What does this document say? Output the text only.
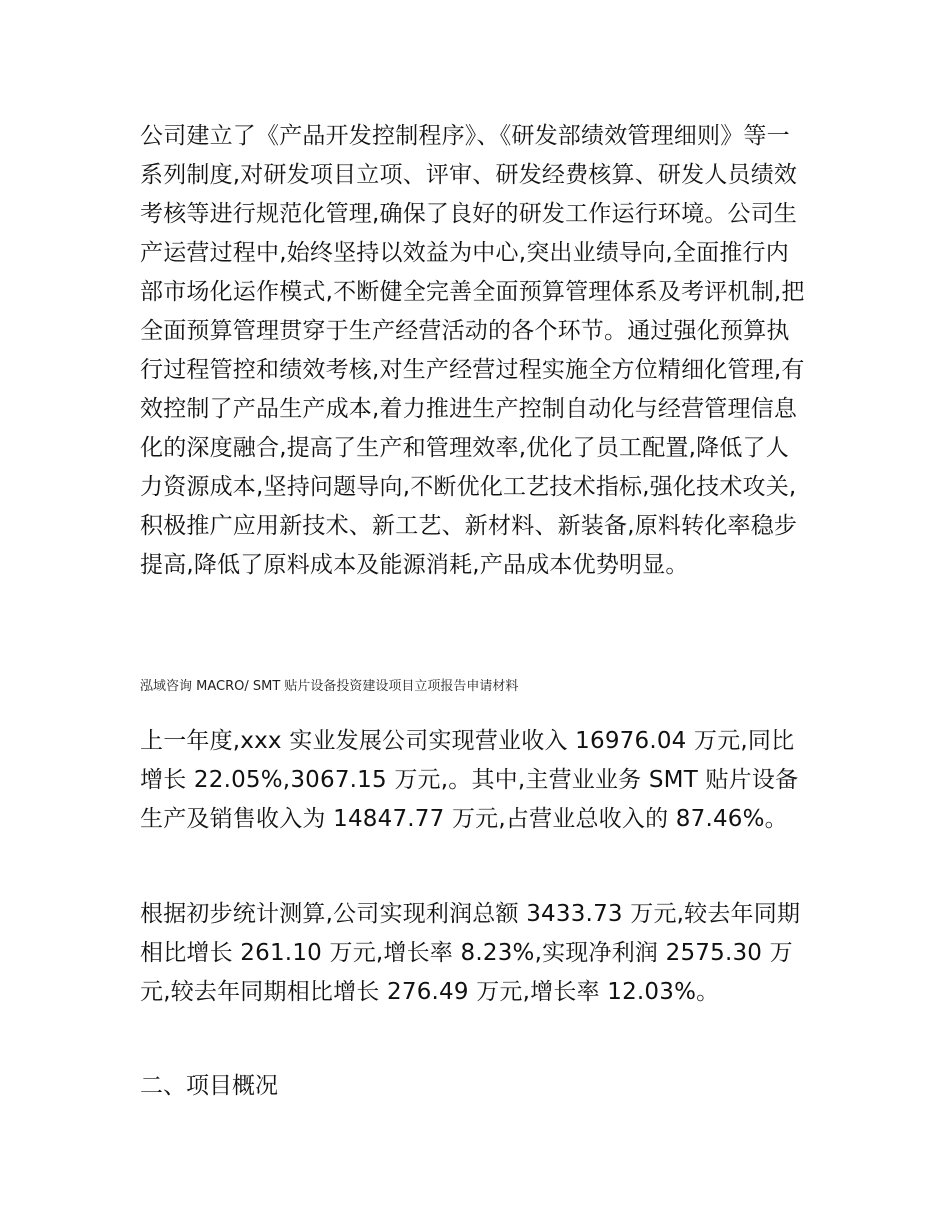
公司建立了《产品开发控制程序》、《研发部绩效管理细则》等一系列制度,对研发项目立项、评审、研发经费核算、研发人员绩效考核等进行规范化管理,确保了良好的研发工作运行环境。公司生产运营过程中,始终坚持以效益为中心,突出业绩导向,全面推行内部市场化运作模式,不断健全完善全面预算管理体系及考评机制,把全面预算管理贯穿于生产经营活动的各个环节。通过强化预算执行过程管控和绩效考核,对生产经营过程实施全方位精细化管理,有效控制了产品生产成本,着力推进生产控制自动化与经营管理信息化的深度融合,提高了生产和管理效率,优化了员工配置,降低了人力资源成本,坚持问题导向,不断优化工艺技术指标,强化技术攻关,积极推广应用新技术、新工艺、新材料、新装备,原料转化率稳步提高,降低了原料成本及能源消耗,产品成本优势明显。

泓域咨询 MACRO/ SMT 贴片设备投资建设项目立项报告申请材料

上一年度,xxx 实业发展公司实现营业收入 16976.04 万元,同比增长 22.05%,3067.15 万元,。其中,主营业业务 SMT 贴片设备生产及销售收入为 14847.77 万元,占营业总收入的 87.46%。

根据初步统计测算,公司实现利润总额 3433.73 万元,较去年同期相比增长 261.10 万元,增长率 8.23%,实现净利润 2575.30 万元,较去年同期相比增长 276.49 万元,增长率 12.03%。

二、项目概况
